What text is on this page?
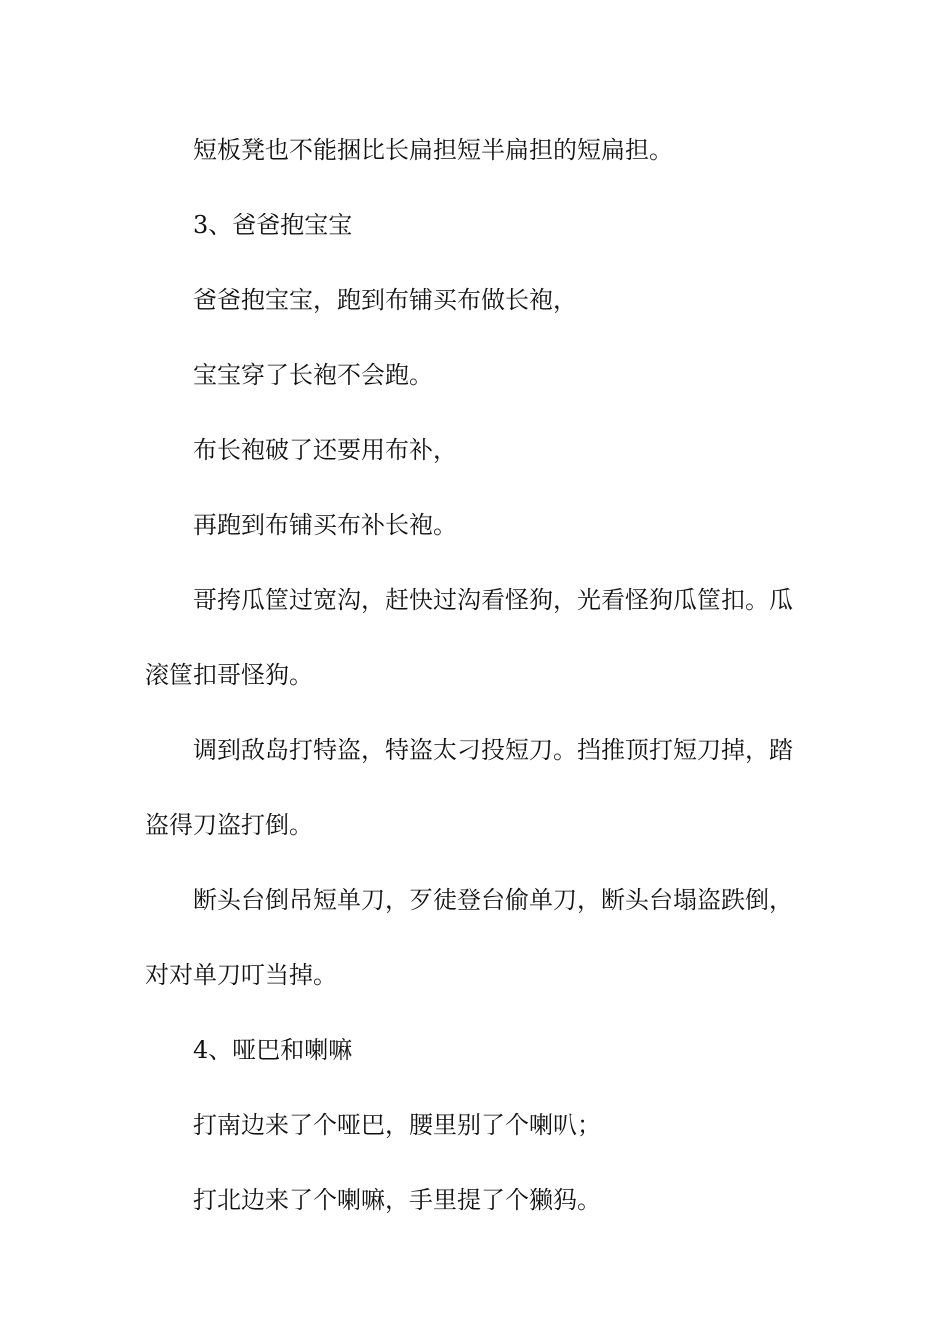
短板凳也不能捆比长扁担短半扁担的短扁担。
3、爸爸抱宝宝
爸爸抱宝宝，跑到布铺买布做长袍，
宝宝穿了长袍不会跑。
布长袍破了还要用布补，
再跑到布铺买布补长袍。
哥挎瓜筐过宽沟，赶快过沟看怪狗，光看怪狗瓜筐扣。瓜
滚筐扣哥怪狗。
调到敌岛打特盗，特盗太刁投短刀。挡推顶打短刀掉，踏
盗得刀盗打倒。
断头台倒吊短单刀，歹徒登台偷单刀，断头台塌盗跌倒，
对对单刀叮当掉。
4、哑巴和喇嘛
打南边来了个哑巴，腰里别了个喇叭；
打北边来了个喇嘛，手里提了个獭犸。
